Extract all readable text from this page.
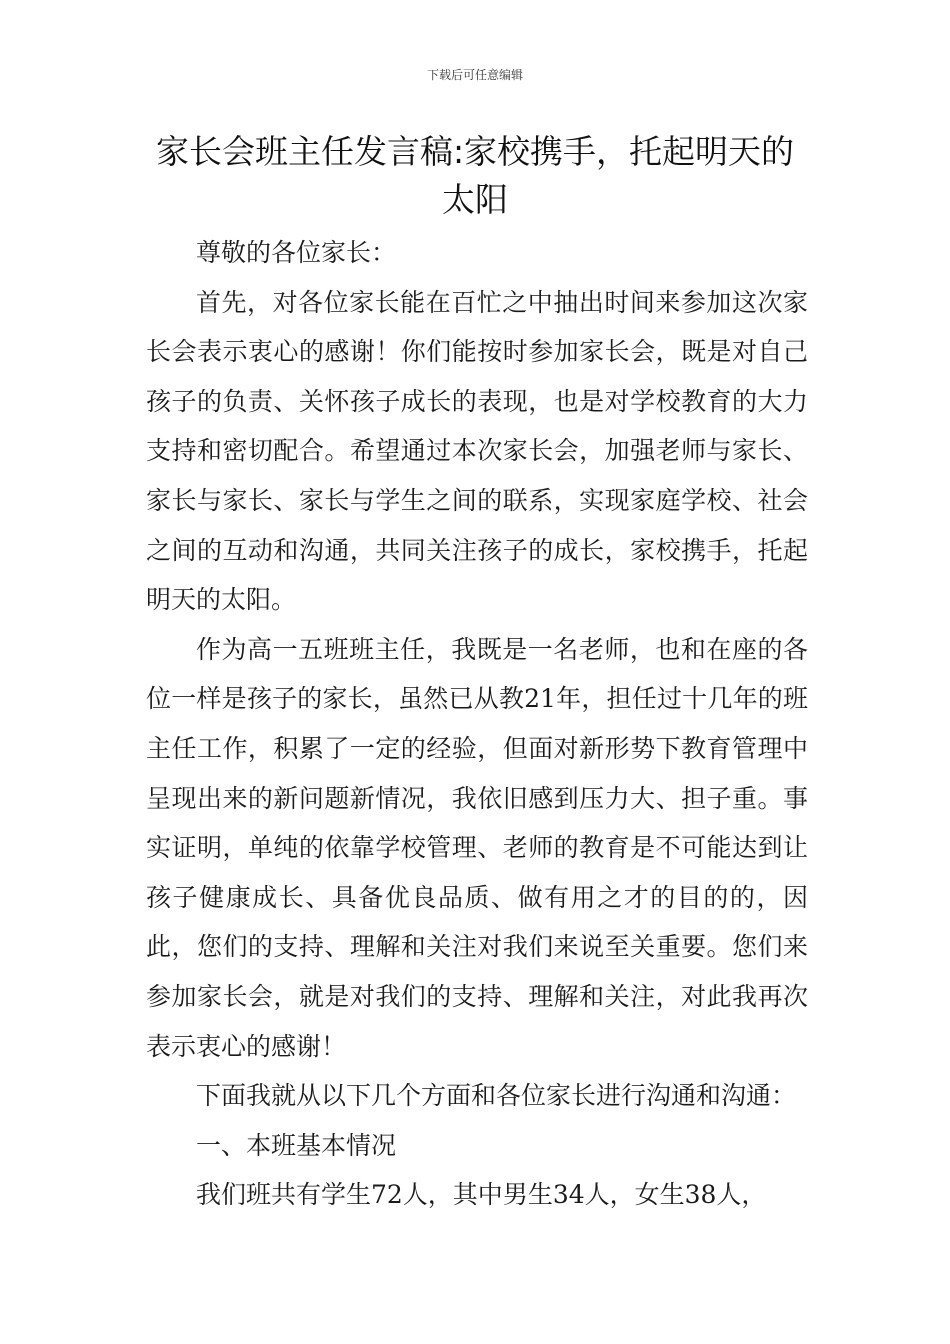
下载后可任意编辑
家长会班主任发言稿:家校携手，托起明天的太阳

尊敬的各位家长：

首先，对各位家长能在百忙之中抽出时间来参加这次家长会表示衷心的感谢！你们能按时参加家长会，既是对自己孩子的负责、关怀孩子成长的表现，也是对学校教育的大力支持和密切配合。希望通过本次家长会，加强老师与家长、家长与家长、家长与学生之间的联系，实现家庭学校、社会之间的互动和沟通，共同关注孩子的成长，家校携手，托起明天的太阳。

作为高一五班班主任，我既是一名老师，也和在座的各位一样是孩子的家长，虽然已从教21年，担任过十几年的班主任工作，积累了一定的经验，但面对新形势下教育管理中呈现出来的新问题新情况，我依旧感到压力大、担子重。事实证明，单纯的依靠学校管理、老师的教育是不可能达到让孩子健康成长、具备优良品质、做有用之才的目的的，因此，您们的支持、理解和关注对我们来说至关重要。您们来参加家长会，就是对我们的支持、理解和关注，对此我再次表示衷心的感谢！

下面我就从以下几个方面和各位家长进行沟通和沟通：

一、本班基本情况

我们班共有学生72人，其中男生34人，女生38人，
